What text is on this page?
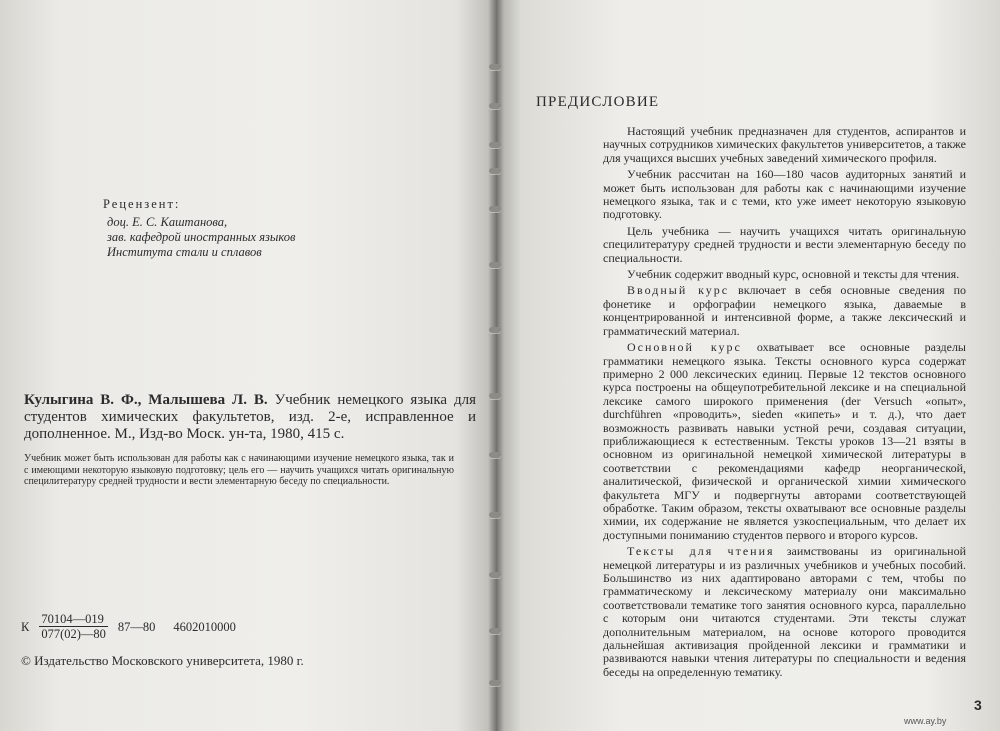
Рецензент:
доц. Е. С. Каштанова,
зав. кафедрой иностранных языков
Института стали и сплавов
Кулыгина В. Ф., Малышева Л. В. Учебник немецкого языка для студентов химических факультетов, изд. 2-е, исправленное и дополненное. М., Изд-во Моск. ун-та, 1980, 415 с.
Учебник может быть использован для работы как с начинающими изучение немецкого языка, так и с имеющими некоторую языковую подготовку; цель его — научить учащихся читать оригинальную специлитературу средней трудности и вести элементарную беседу по специальности.
К $\frac{70104—019}{077(02)—80}$ 87—80 4602010000
© Издательство Московского университета, 1980 г.
ПРЕДИСЛОВИЕ

Настоящий учебник предназначен для студентов, аспирантов и научных сотрудников химических факультетов университетов, а также для учащихся высших учебных заведений химического профиля.

Учебник рассчитан на 160—180 часов аудиторных занятий и может быть использован для работы как с начинающими изучение немецкого языка, так и с теми, кто уже имеет некоторую языковую подготовку.

Цель учебника — научить учащихся читать оригинальную специлитературу средней трудности и вести элементарную беседу по специальности.

Учебник содержит вводный курс, основной и тексты для чтения.

Вводный курс включает в себя основные сведения по фонетике и орфографии немецкого языка, даваемые в концентрированной и интенсивной форме, а также лексический и грамматический материал.

Основной курс охватывает все основные разделы грамматики немецкого языка. Тексты основного курса содержат примерно 2 000 лексических единиц. Первые 12 текстов основного курса построены на общеупотребительной лексике и на специальной лексике самого широкого применения (der Versuch «опыт», durchführen «проводить», sieden «кипеть» и т. д.), что дает возможность развивать навыки устной речи, создавая ситуации, приближающиеся к естественным. Тексты уроков 13—21 взяты в основном из оригинальной немецкой химической литературы в соответствии с рекомендациями кафедр неорганической, аналитической, физической и органической химии химического факультета МГУ и подвергнуты авторами соответствующей обработке. Таким образом, тексты охватывают все основные разделы химии, их содержание не является узкоспециальным, что делает их доступными пониманию студентов первого и второго курсов.

Тексты для чтения заимствованы из оригинальной немецкой литературы и из различных учебников и учебных пособий. Большинство из них адаптировано авторами с тем, чтобы по грамматическому и лексическому материалу они максимально соответствовали тематике того занятия основного курса, параллельно с которым они читаются студентами. Эти тексты служат дополнительным материалом, на основе которого проводится дальнейшая активизация пройденной лексики и грамматики и развиваются навыки чтения литературы по специальности и ведения беседы на определенную тематику.

3
www.ay.by
